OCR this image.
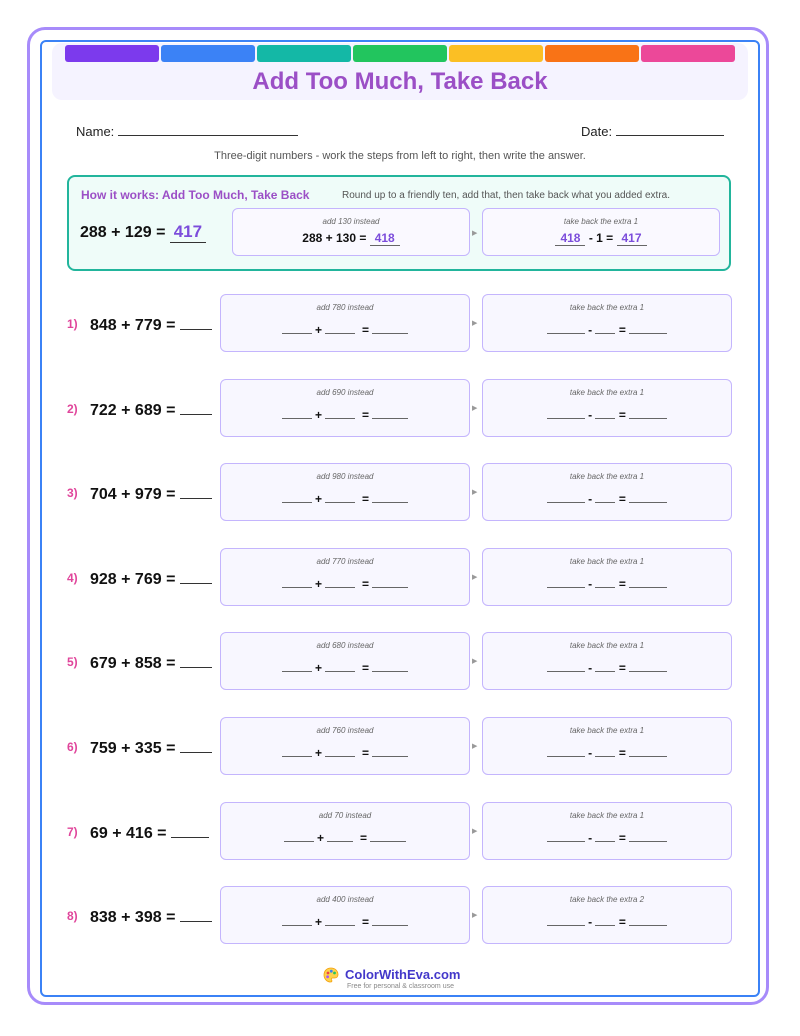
Add Too Much, Take Back
Name:	Date:
Three-digit numbers - work the steps from left to right, then write the answer.
How it works: Add Too Much, Take Back	Round up to a friendly ten, add that, then take back what you added extra.
288 + 129 = 417
add 130 instead
288 + 130 = 418	▶
take back the extra 1
418 - 1 = 417
1) 848 + 779 =
add 780 instead
+	=	▶
take back the extra 1
- =
2) 722 + 689 =
add 690 instead
+	=	▶
take back the extra 1
- =
3) 704 + 979 =
add 980 instead
+	=	▶
take back the extra 1
- =
4) 928 + 769 =
add 770 instead
+	=	▶
take back the extra 1
- =
5) 679 + 858 =
add 680 instead
+	=	▶
take back the extra 1
- =
6) 759 + 335 =
add 760 instead
+	=	▶
take back the extra 1
- =
7) 69 + 416 =
add 70 instead
+	=	▶
take back the extra 1
- =
8) 838 + 398 =
add 400 instead
+	=	▶
take back the extra 2
- =
ColorWithEva.com
Free for personal & classroom use
